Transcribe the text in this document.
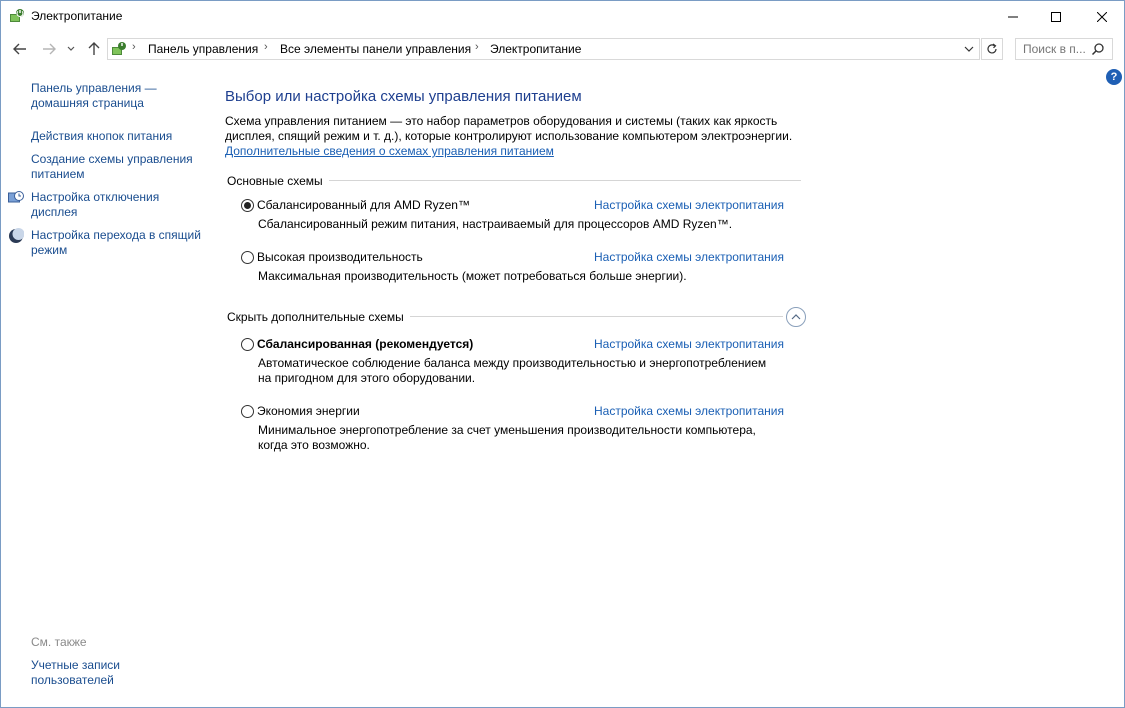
Электропитание
› Панель управления › Все элементы панели управления › Электропитание
Поиск в п...
?
Панель управления — домашняя страница
Действия кнопок питания
Создание схемы управления питанием
Настройка отключения дисплея
Настройка перехода в спящий режим
См. также
Учетные записи пользователей
Выбор или настройка схемы управления питанием
Схема управления питанием — это набор параметров оборудования и системы (таких как яркость дисплея, спящий режим и т. д.), которые контролируют использование компьютером электроэнергии.
Дополнительные сведения о схемах управления питанием
Основные схемы
Сбалансированный для AMD Ryzen™	Настройка схемы электропитания
Сбалансированный режим питания, настраиваемый для процессоров AMD Ryzen™.
Высокая производительность	Настройка схемы электропитания
Максимальная производительность (может потребоваться больше энергии).
Скрыть дополнительные схемы
Сбалансированная (рекомендуется)	Настройка схемы электропитания
Автоматическое соблюдение баланса между производительностью и энергопотреблением на пригодном для этого оборудовании.
Экономия энергии	Настройка схемы электропитания
Минимальное энергопотребление за счет уменьшения производительности компьютера, когда это возможно.
